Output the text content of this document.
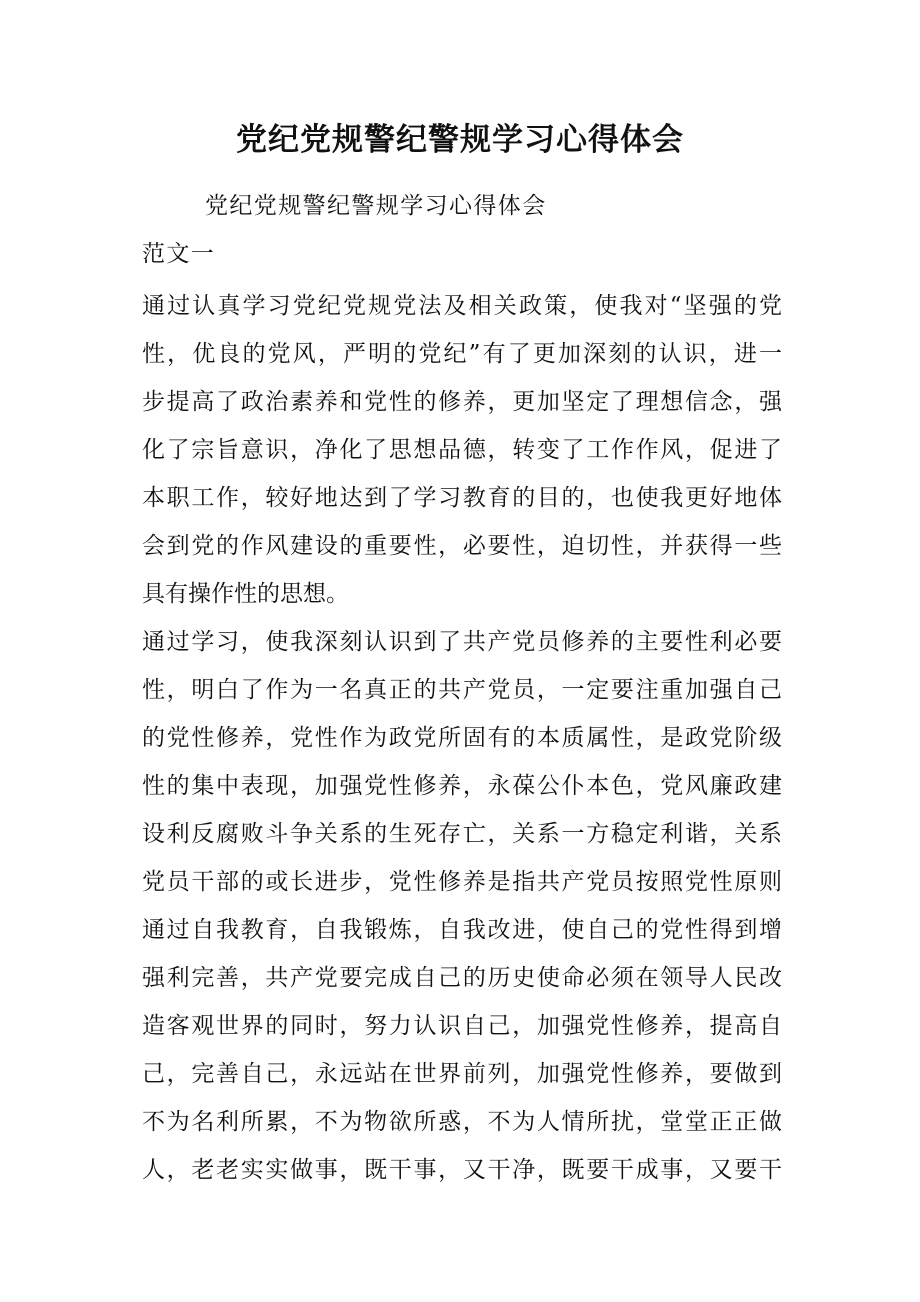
党纪党规警纪警规学习心得体会

党纪党规警纪警规学习心得体会

范文一

通过认真学习党纪党规党法及相关政策，使我对“坚强的党
性，优良的党风，严明的党纪”有了更加深刻的认识，进一
步提高了政治素养和党性的修养，更加坚定了理想信念，强
化了宗旨意识，净化了思想品德，转变了工作作风，促进了
本职工作，较好地达到了学习教育的目的，也使我更好地体
会到党的作风建设的重要性，必要性，迫切性，并获得一些
具有操作性的思想。
通过学习，使我深刻认识到了共产党员修养的主要性利必要
性，明白了作为一名真正的共产党员，一定要注重加强自己
的党性修养，党性作为政党所固有的本质属性，是政党阶级
性的集中表现，加强党性修养，永葆公仆本色，党风廉政建
设利反腐败斗争关系的生死存亡，关系一方稳定利谐，关系
党员干部的或长进步，党性修养是指共产党员按照党性原则
通过自我教育，自我锻炼，自我改进，使自己的党性得到增
强利完善，共产党要完成自己的历史使命必须在领导人民改
造客观世界的同时，努力认识自己，加强党性修养，提高自
己，完善自己，永远站在世界前列，加强党性修养，要做到
不为名利所累，不为物欲所惑，不为人情所扰，堂堂正正做
人，老老实实做事，既干事，又干净，既要干成事，又要干
